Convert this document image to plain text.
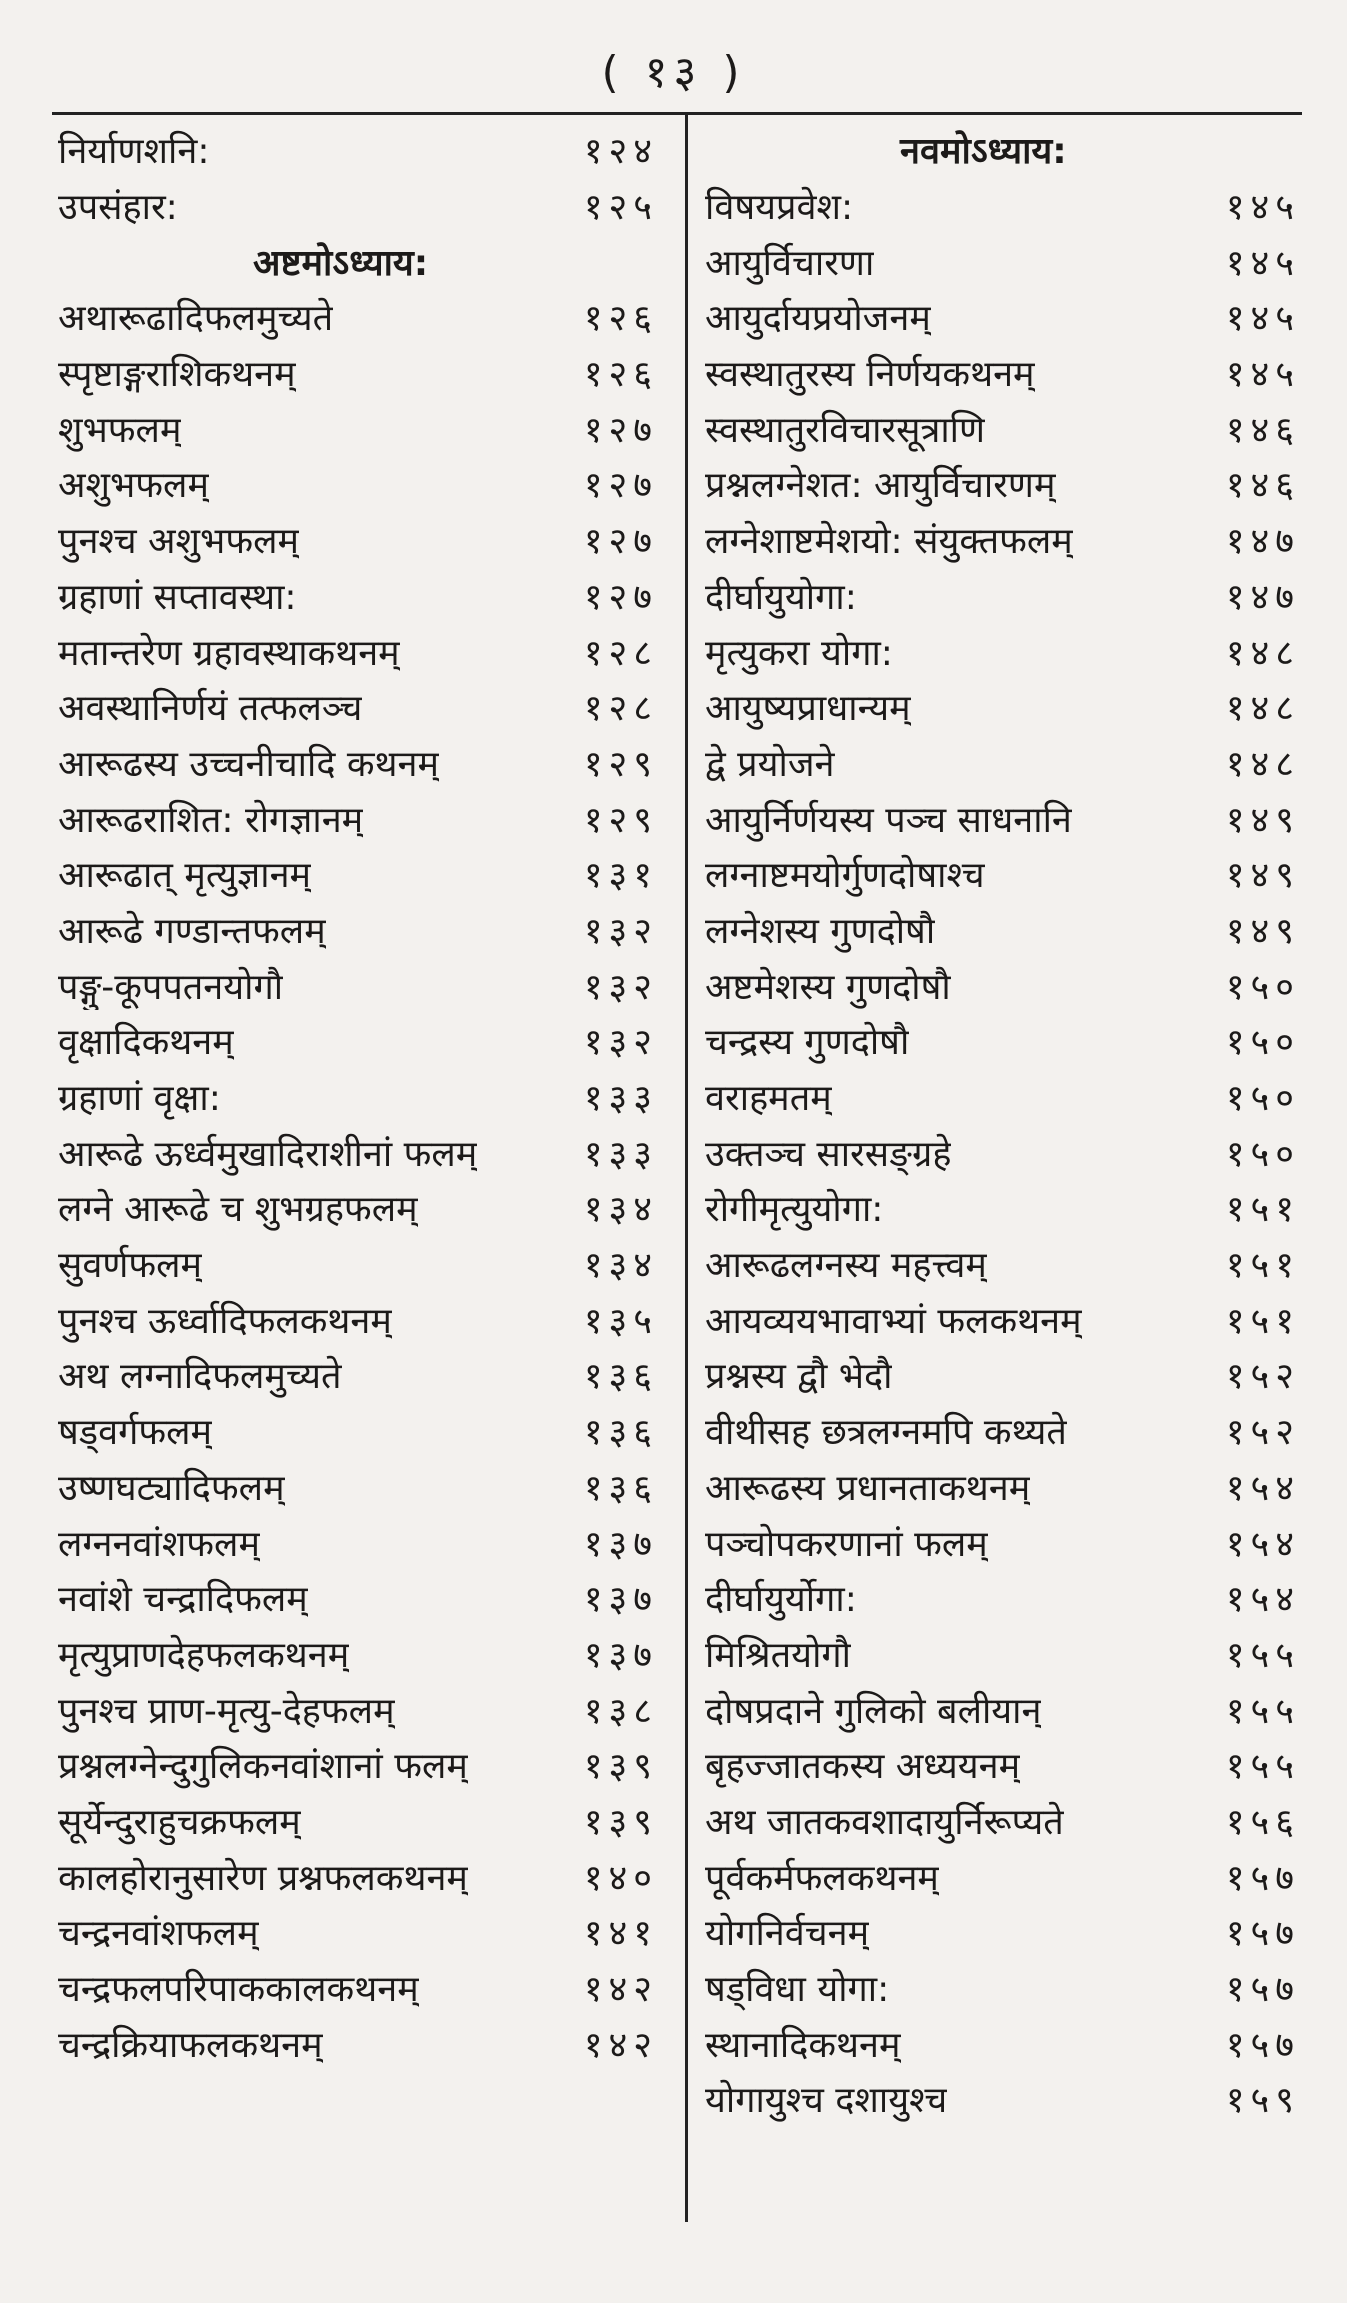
( १३ )
निर्याणशनि:	१२४
उपसंहार:	१२५
अष्टमोऽध्याय:
अथारूढादिफलमुच्यते	१२६
स्पृष्टाङ्गराशिकथनम्	१२६
शुभफलम्	१२७
अशुभफलम्	१२७
पुनश्च अशुभफलम्	१२७
ग्रहाणां सप्तावस्था:	१२७
मतान्तरेण ग्रहावस्थाकथनम्	१२८
अवस्थानिर्णयं तत्फलञ्च	१२८
आरूढस्य उच्चनीचादि कथनम्	१२९
आरूढराशित: रोगज्ञानम्	१२९
आरूढात् मृत्युज्ञानम्	१३१
आरूढे गण्डान्तफलम्	१३२
पङ्गु-कूपपतनयोगौ	१३२
वृक्षादिकथनम्	१३२
ग्रहाणां वृक्षा:	१३३
आरूढे ऊर्ध्वमुखादिराशीनां फलम्	१३३
लग्ने आरूढे च शुभग्रहफलम्	१३४
सुवर्णफलम्	१३४
पुनश्च ऊर्ध्वादिफलकथनम्	१३५
अथ लग्नादिफलमुच्यते	१३६
षड्वर्गफलम्	१३६
उष्णघट्यादिफलम्	१३६
लग्ननवांशफलम्	१३७
नवांशे चन्द्रादिफलम्	१३७
मृत्युप्राणदेहफलकथनम्	१३७
पुनश्च प्राण-मृत्यु-देहफलम्	१३८
प्रश्नलग्नेन्दुगुलिकनवांशानां फलम्	१३९
सूर्येन्दुराहुचक्रफलम्	१३९
कालहोरानुसारेण प्रश्नफलकथनम्	१४०
चन्द्रनवांशफलम्	१४१
चन्द्रफलपरिपाककालकथनम्	१४२
चन्द्रक्रियाफलकथनम्	१४२
नवमोऽध्याय:
विषयप्रवेश:	१४५
आयुर्विचारणा	१४५
आयुर्दायप्रयोजनम्	१४५
स्वस्थातुरस्य निर्णयकथनम्	१४५
स्वस्थातुरविचारसूत्राणि	१४६
प्रश्नलग्नेशत: आयुर्विचारणम्	१४६
लग्नेशाष्टमेशयो: संयुक्तफलम्	१४७
दीर्घायुयोगा:	१४७
मृत्युकरा योगा:	१४८
आयुष्यप्राधान्यम्	१४८
द्वे प्रयोजने	१४८
आयुर्निर्णयस्य पञ्च साधनानि	१४९
लग्नाष्टमयोर्गुणदोषाश्च	१४९
लग्नेशस्य गुणदोषौ	१४९
अष्टमेशस्य गुणदोषौ	१५०
चन्द्रस्य गुणदोषौ	१५०
वराहमतम्	१५०
उक्तञ्च सारसङ्ग्रहे	१५०
रोगीमृत्युयोगा:	१५१
आरूढलग्नस्य महत्त्वम्	१५१
आयव्ययभावाभ्यां फलकथनम्	१५१
प्रश्नस्य द्वौ भेदौ	१५२
वीथीसह छत्रलग्नमपि कथ्यते	१५२
आरूढस्य प्रधानताकथनम्	१५४
पञ्चोपकरणानां फलम्	१५४
दीर्घायुर्योगा:	१५४
मिश्रितयोगौ	१५५
दोषप्रदाने गुलिको बलीयान्	१५५
बृहज्जातकस्य अध्ययनम्	१५५
अथ जातकवशादायुर्निरूप्यते	१५६
पूर्वकर्मफलकथनम्	१५७
योगनिर्वचनम्	१५७
षड्विधा योगा:	१५७
स्थानादिकथनम्	१५७
योगायुश्च दशायुश्च	१५९
